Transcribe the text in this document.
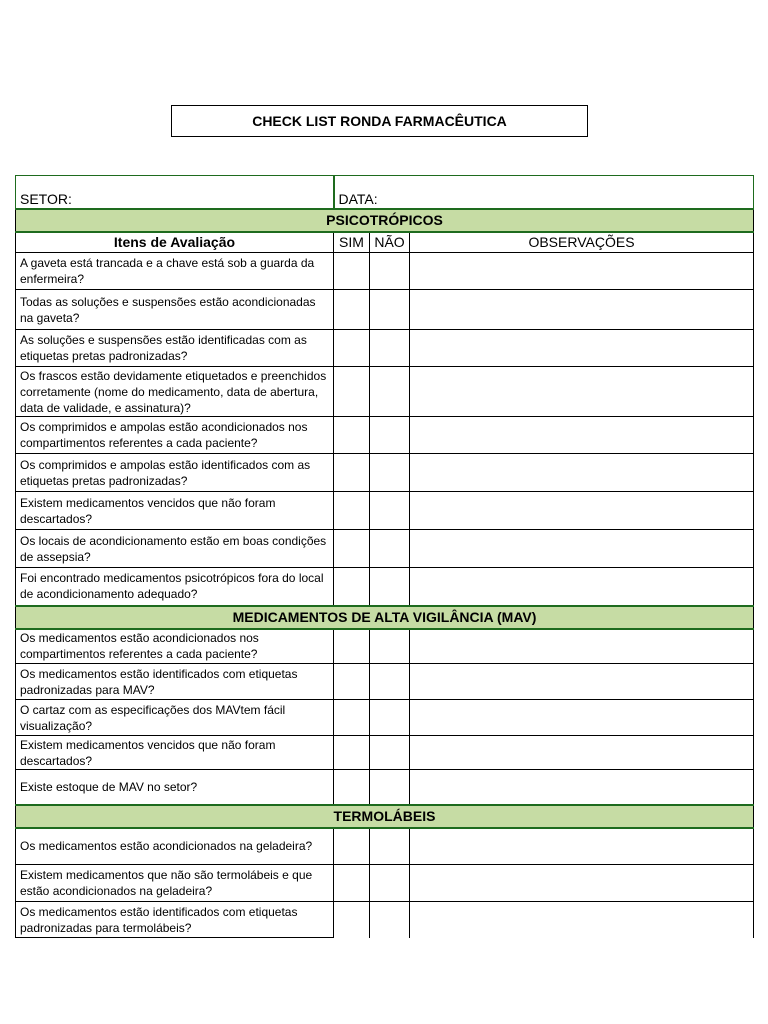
CHECK LIST RONDA FARMACÊUTICA
SETOR:	DATA:		
PSICOTRÓPICOS			
Itens de Avaliação	SIM	NÃO	OBSERVAÇÕES
A gaveta está trancada e a chave está sob a guarda da enfermeira?			
Todas as soluções e suspensões estão acondicionadas na gaveta?			
As soluções e suspensões estão identificadas com as etiquetas pretas padronizadas?			
Os frascos estão devidamente etiquetados e preenchidos corretamente (nome do medicamento, data de abertura, data de validade, e assinatura)?			
Os comprimidos e ampolas estão acondicionados nos compartimentos referentes a cada paciente?			
Os comprimidos e ampolas estão identificados com as etiquetas pretas padronizadas?			
Existem medicamentos vencidos que não foram descartados?			
Os locais de acondicionamento estão em boas condições de assepsia?			
Foi encontrado medicamentos psicotrópicos fora do local de acondicionamento adequado?			
MEDICAMENTOS DE ALTA VIGILÂNCIA (MAV)			
Os medicamentos estão acondicionados nos compartimentos referentes a cada paciente?			
Os medicamentos estão identificados com etiquetas padronizadas para MAV?			
O cartaz com as especificações dos MAVtem fácil visualização?			
Existem medicamentos vencidos que não foram descartados?			
Existe estoque de MAV no setor?			
TERMOLÁBEIS			
Os medicamentos estão acondicionados na geladeira?			
Existem medicamentos que não são termolábeis e que estão acondicionados na geladeira?			
Os medicamentos estão identificados com etiquetas padronizadas para termolábeis?			
